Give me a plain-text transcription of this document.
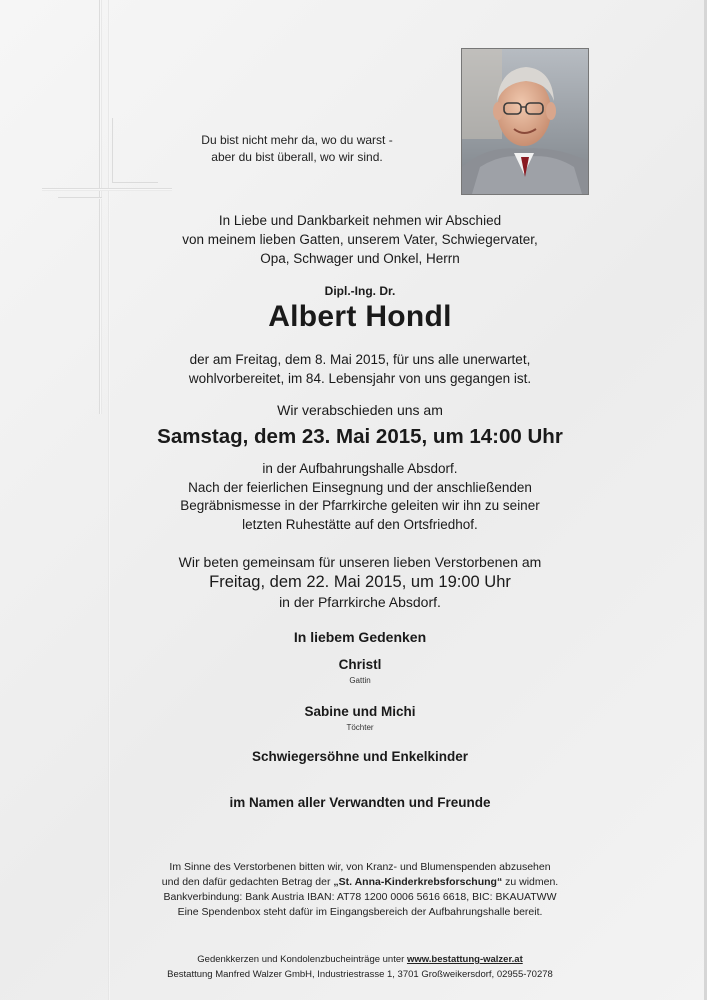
Du bist nicht mehr da, wo du warst -
aber du bist überall, wo wir sind.
In Liebe und Dankbarkeit nehmen wir Abschied
von meinem lieben Gatten, unserem Vater, Schwiegervater,
Opa, Schwager und Onkel, Herrn
Dipl.-Ing. Dr.
Albert Hondl
der am Freitag, dem 8. Mai 2015, für uns alle unerwartet,
wohlvorbereitet, im 84. Lebensjahr von uns gegangen ist.
Wir verabschieden uns am
Samstag, dem 23. Mai 2015, um 14:00 Uhr
in der Aufbahrungshalle Absdorf.
Nach der feierlichen Einsegnung und der anschließenden
Begräbnismesse in der Pfarrkirche geleiten wir ihn zu seiner
letzten Ruhestätte auf den Ortsfriedhof.
Wir beten gemeinsam für unseren lieben Verstorbenen am
Freitag, dem 22. Mai 2015, um 19:00 Uhr
in der Pfarrkirche Absdorf.
In liebem Gedenken
Christl
Gattin
Sabine und Michi
Töchter
Schwiegersöhne und Enkelkinder
im Namen aller Verwandten und Freunde
Im Sinne des Verstorbenen bitten wir, von Kranz- und Blumenspenden abzusehen
und den dafür gedachten Betrag der „St. Anna-Kinderkrebsforschung“ zu widmen.
Bankverbindung: Bank Austria IBAN: AT78 1200 0006 5616 6618, BIC: BKAUATWW
Eine Spendenbox steht dafür im Eingangsbereich der Aufbahrungshalle bereit.
Gedenkkerzen und Kondolenzbucheinträge unter www.bestattung-walzer.at
Bestattung Manfred Walzer GmbH, Industriestrasse 1, 3701 Großweikersdorf, 02955-70278
